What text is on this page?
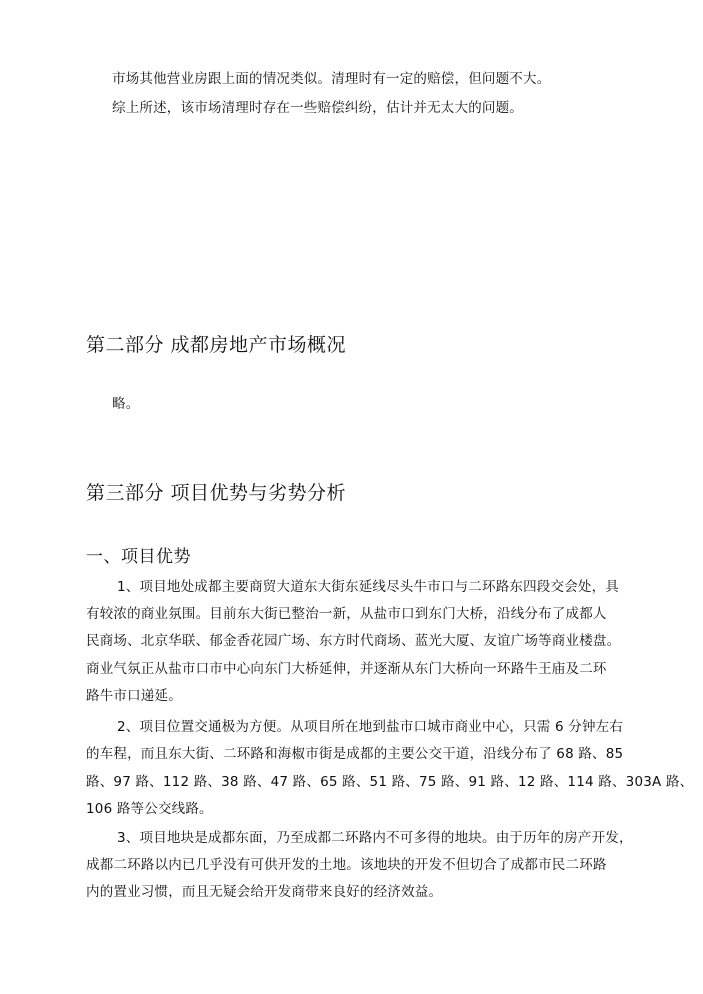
市场其他营业房跟上面的情况类似。清理时有一定的赔偿，但问题不大。
综上所述，该市场清理时存在一些赔偿纠纷，估计并无太大的问题。
第二部分 成都房地产市场概况
略。
第三部分 项目优势与劣势分析
一、项目优势
1、项目地处成都主要商贸大道东大街东延线尽头牛市口与二环路东四段交会处，具
有较浓的商业氛围。目前东大街已整治一新，从盐市口到东门大桥，沿线分布了成都人
民商场、北京华联、郁金香花园广场、东方时代商场、蓝光大厦、友谊广场等商业楼盘。
商业气氛正从盐市口市中心向东门大桥延伸，并逐渐从东门大桥向一环路牛王庙及二环
路牛市口递延。
2、项目位置交通极为方便。从项目所在地到盐市口城市商业中心，只需 6 分钟左右
的车程，而且东大街、二环路和海椒市街是成都的主要公交干道，沿线分布了 68 路、85
路、97 路、112 路、38 路、47 路、65 路、51 路、75 路、91 路、12 路、114 路、303A 路、
106 路等公交线路。
3、项目地块是成都东面，乃至成都二环路内不可多得的地块。由于历年的房产开发，
成都二环路以内已几乎没有可供开发的土地。该地块的开发不但切合了成都市民二环路
内的置业习惯，而且无疑会给开发商带来良好的经济效益。
